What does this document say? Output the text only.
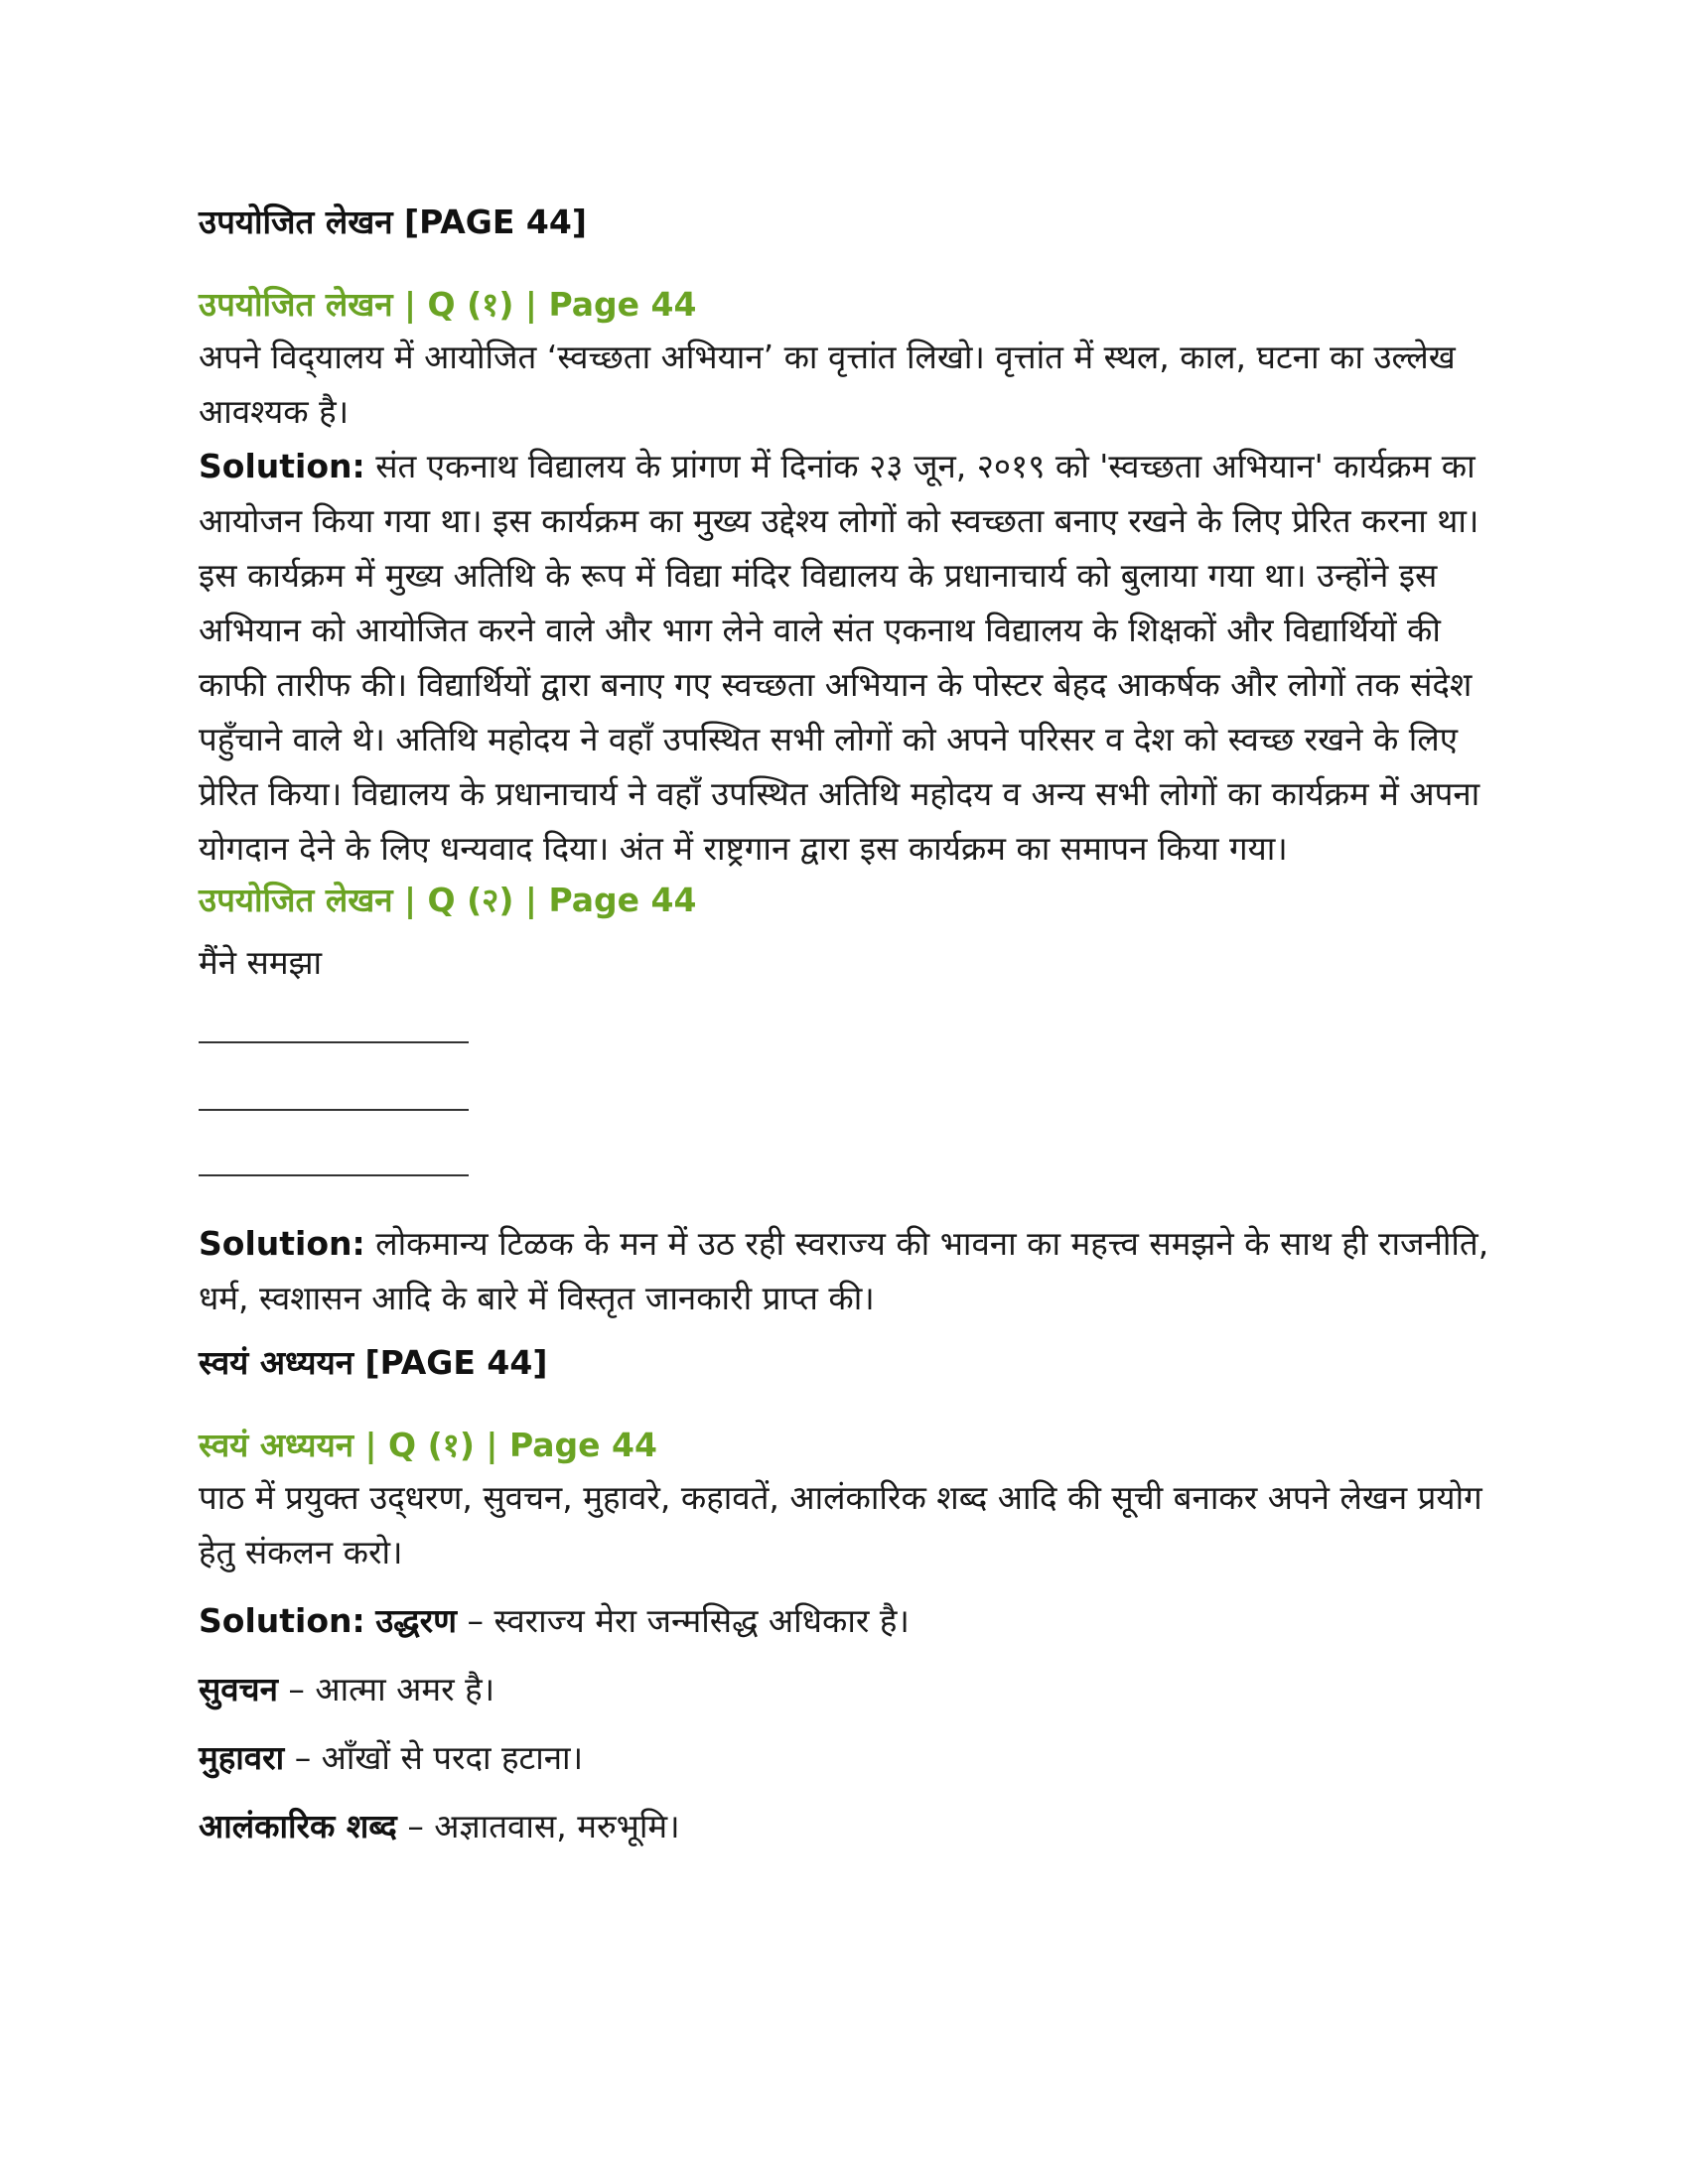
उपयोजित लेखन [PAGE 44]
उपयोजित लेखन | Q (१) | Page 44

अपने विद्‌यालय में आयोजित ‘स्वच्छता अभियान’ का वृत्तांत लिखो। वृत्तांत में स्थल, काल, घटना का उल्लेख आवश्यक है।

Solution: संत एकनाथ विद्यालय के प्रांगण में दिनांक २३ जून, २०१९ को 'स्वच्छता अभियान' कार्यक्रम का आयोजन किया गया था। इस कार्यक्रम का मुख्य उद्देश्य लोगों को स्वच्छता बनाए रखने के लिए प्रेरित करना था। इस कार्यक्रम में मुख्य अतिथि के रूप में विद्या मंदिर विद्यालय के प्रधानाचार्य को बुलाया गया था। उन्होंने इस अभियान को आयोजित करने वाले और भाग लेने वाले संत एकनाथ विद्यालय के शिक्षकों और विद्यार्थियों की काफी तारीफ की। विद्यार्थियों द्वारा बनाए गए स्वच्छता अभियान के पोस्टर बेहद आकर्षक और लोगों तक संदेश पहुँचाने वाले थे। अतिथि महोदय ने वहाँ उपस्थित सभी लोगों को अपने परिसर व देश को स्वच्छ रखने के लिए प्रेरित किया। विद्यालय के प्रधानाचार्य ने वहाँ उपस्थित अतिथि महोदय व अन्य सभी लोगों का कार्यक्रम में अपना योगदान देने के लिए धन्यवाद दिया। अंत में राष्ट्रगान द्वारा इस कार्यक्रम का समापन किया गया।

उपयोजित लेखन | Q (२) | Page 44

मैंने समझा

Solution: लोकमान्य टिळक के मन में उठ रही स्वराज्य की भावना का महत्त्व समझने के साथ ही राजनीति, धर्म, स्वशासन आदि के बारे में विस्तृत जानकारी प्राप्त की।

स्वयं अध्ययन [PAGE 44]
स्वयं अध्ययन | Q (१) | Page 44

पाठ में प्रयुक्त उद्‌धरण, सुवचन, मुहावरे, कहावतें, आलंकारिक शब्द आदि की सूची बनाकर अपने लेखन प्रयोग हेतु संकलन करो।

Solution: उद्धरण – स्वराज्य मेरा जन्मसिद्ध अधिकार है।

सुवचन – आत्मा अमर है।

मुहावरा – आँखों से परदा हटाना।

आलंकारिक शब्द – अज्ञातवास, मरुभूमि।
